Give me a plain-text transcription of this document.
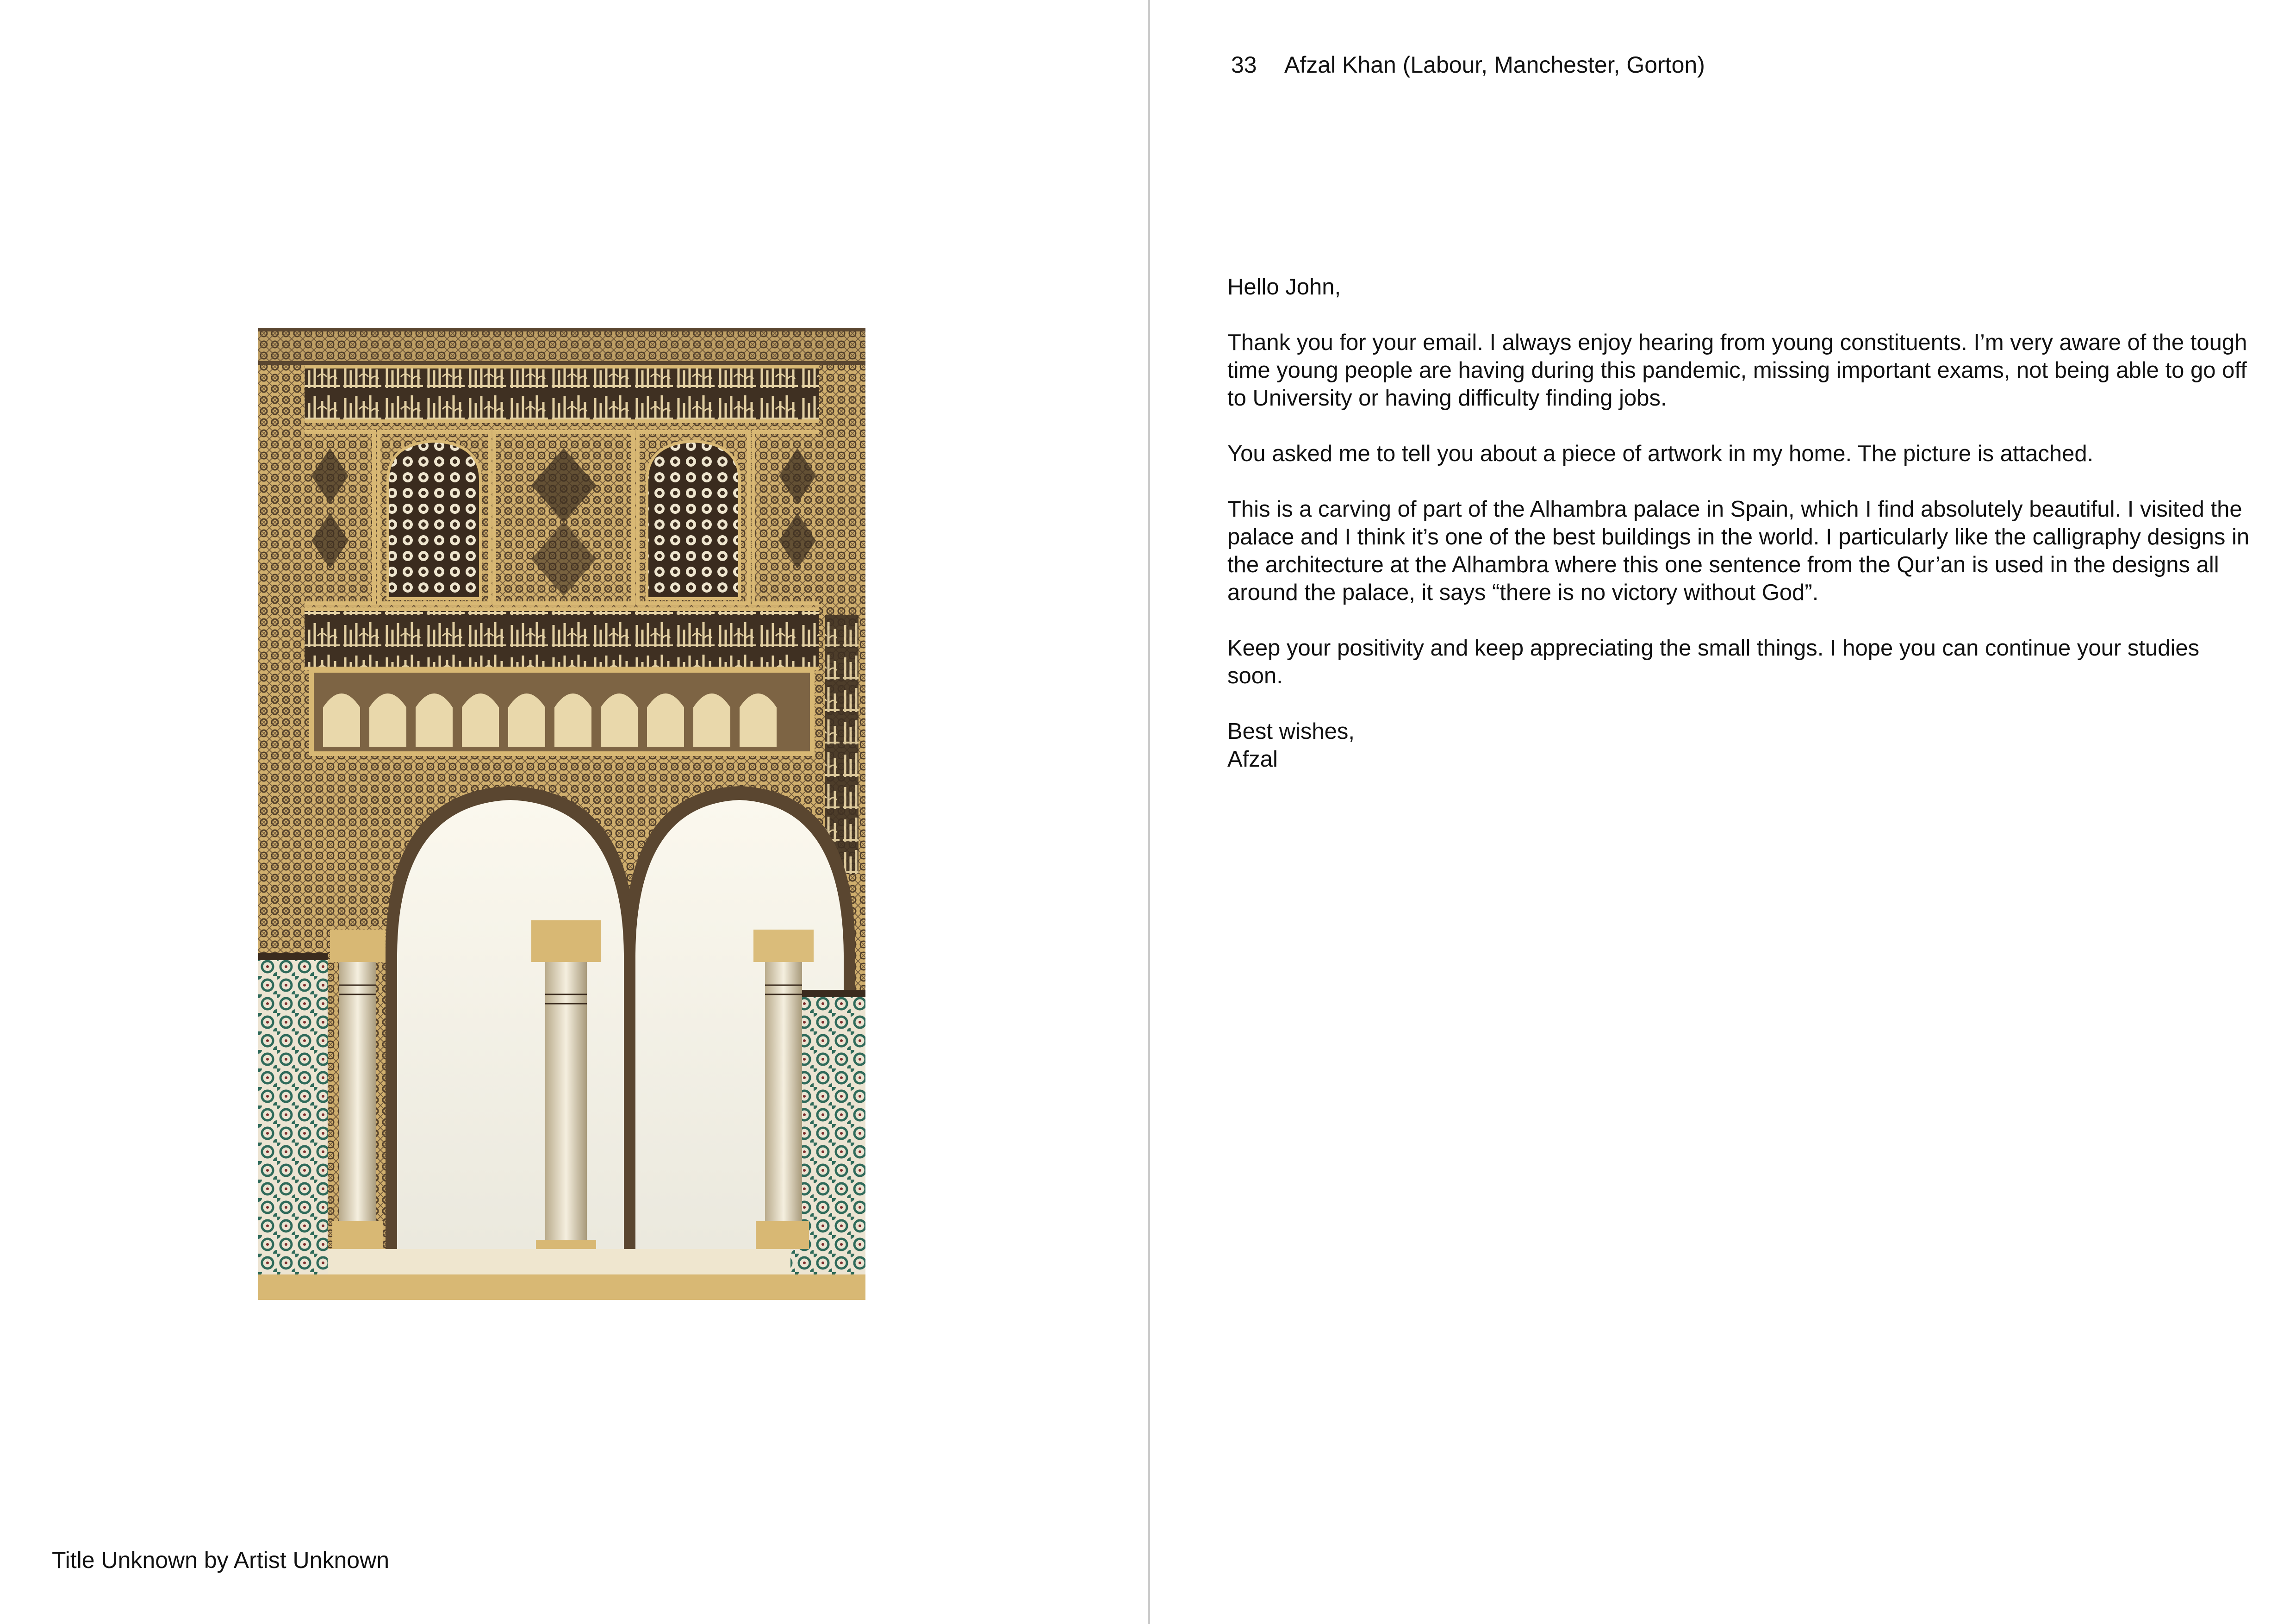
Title Unknown by Artist Unknown
33 Afzal Khan (Labour, Manchester, Gorton)

Hello John,

Thank you for your email. I always enjoy hearing from young constituents. I’m very aware of the tough time young people are having during this pandemic, missing important exams, not being able to go off to University or having difficulty finding jobs.

You asked me to tell you about a piece of artwork in my home. The picture is attached.

This is a carving of part of the Alhambra palace in Spain, which I find absolutely beautiful. I visited the palace and I think it’s one of the best buildings in the world. I particularly like the calligraphy designs in the architecture at the Alhambra where this one sentence from the Qur’an is used in the designs all around the palace, it says “there is no victory without God”.

Keep your positivity and keep appreciating the small things. I hope you can continue your studies soon.

Best wishes,

Afzal
